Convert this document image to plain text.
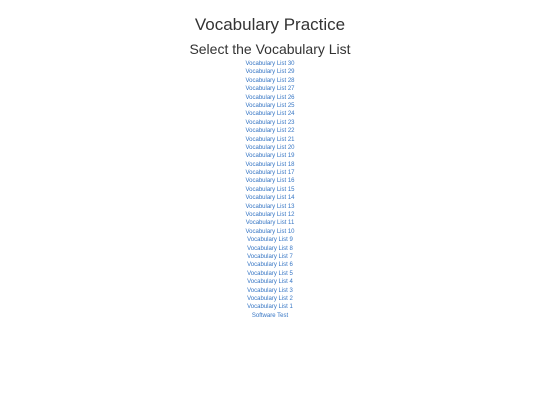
Vocabulary Practice
Select the Vocabulary List
Vocabulary List 30
Vocabulary List 29
Vocabulary List 28
Vocabulary List 27
Vocabulary List 26
Vocabulary List 25
Vocabulary List 24
Vocabulary List 23
Vocabulary List 22
Vocabulary List 21
Vocabulary List 20
Vocabulary List 19
Vocabulary List 18
Vocabulary List 17
Vocabulary List 16
Vocabulary List 15
Vocabulary List 14
Vocabulary List 13
Vocabulary List 12
Vocabulary List 11
Vocabulary List 10
Vocabulary List 9
Vocabulary List 8
Vocabulary List 7
Vocabulary List 6
Vocabulary List 5
Vocabulary List 4
Vocabulary List 3
Vocabulary List 2
Vocabulary List 1
Software Test
